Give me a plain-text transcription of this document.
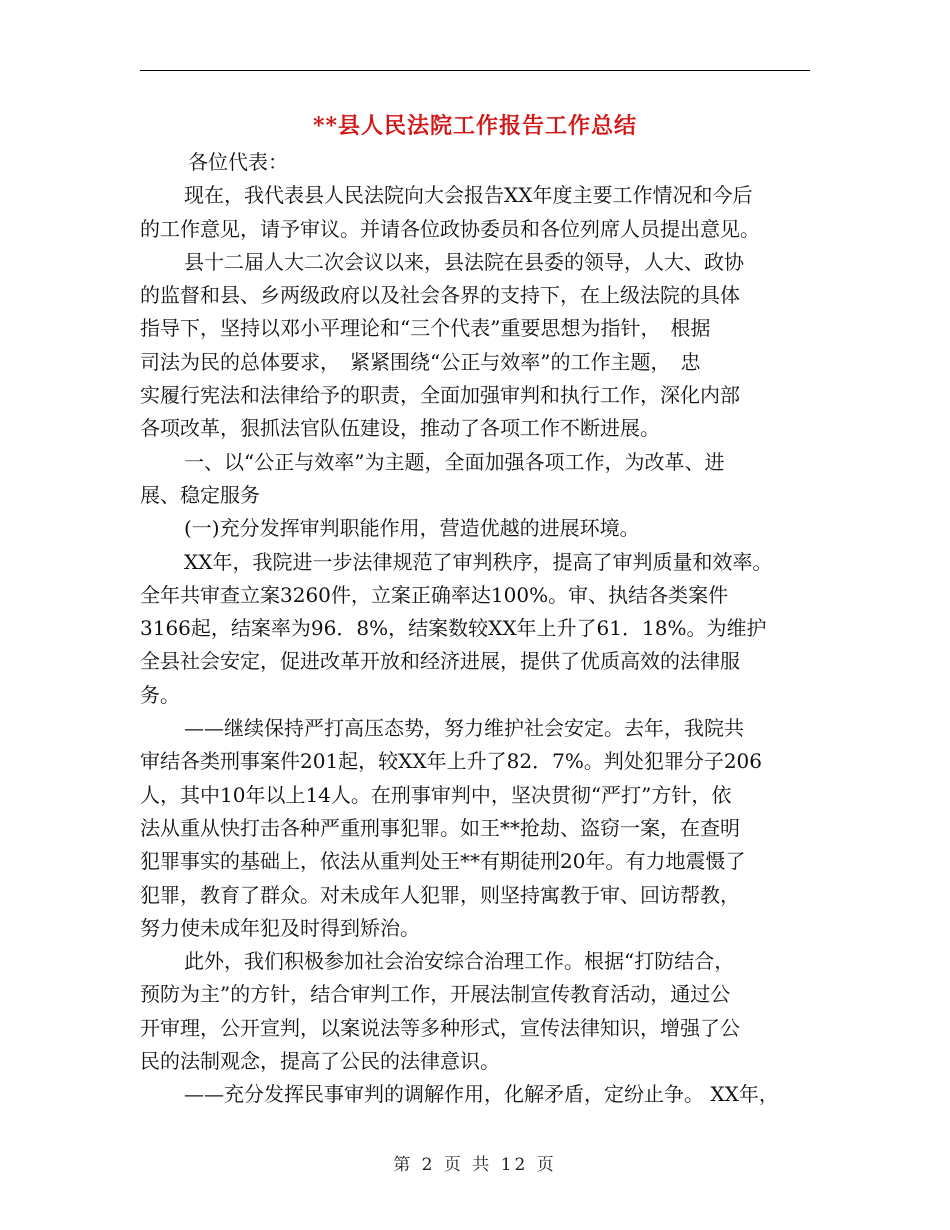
**县人民法院工作报告工作总结
各位代表：
现在，我代表县人民法院向大会报告XX年度主要工作情况和今后
的工作意见，请予审议。并请各位政协委员和各位列席人员提出意见。
县十二届人大二次会议以来，县法院在县委的领导，人大、政协
的监督和县、乡两级政府以及社会各界的支持下，在上级法院的具体
指导下，坚持以邓小平理论和“三个代表”重要思想为指针，　根据
司法为民的总体要求，　紧紧围绕“公正与效率”的工作主题，　忠
实履行宪法和法律给予的职责，全面加强审判和执行工作，深化内部
各项改革，狠抓法官队伍建设，推动了各项工作不断进展。
一、以“公正与效率”为主题，全面加强各项工作，为改革、进
展、稳定服务
(一)充分发挥审判职能作用，营造优越的进展环境。
XX年，我院进一步法律规范了审判秩序，提高了审判质量和效率。
全年共审查立案3260件，立案正确率达100%。审、执结各类案件
3166起，结案率为96．8%，结案数较XX年上升了61．18%。为维护
全县社会安定，促进改革开放和经济进展，提供了优质高效的法律服
务。
——继续保持严打高压态势，努力维护社会安定。去年，我院共
审结各类刑事案件201起，较XX年上升了82．7%。判处犯罪分子206
人，其中10年以上14人。在刑事审判中，坚决贯彻“严打”方针，依
法从重从快打击各种严重刑事犯罪。如王**抢劫、盗窃一案，在查明
犯罪事实的基础上，依法从重判处王**有期徒刑20年。有力地震慑了
犯罪，教育了群众。对未成年人犯罪，则坚持寓教于审、回访帮教，
努力使未成年犯及时得到矫治。
此外，我们积极参加社会治安综合治理工作。根据“打防结合，
预防为主”的方针，结合审判工作，开展法制宣传教育活动，通过公
开审理，公开宣判，以案说法等多种形式，宣传法律知识，增强了公
民的法制观念，提高了公民的法律意识。
——充分发挥民事审判的调解作用，化解矛盾，定纷止争。 XX年，
第 2 页 共 12 页
